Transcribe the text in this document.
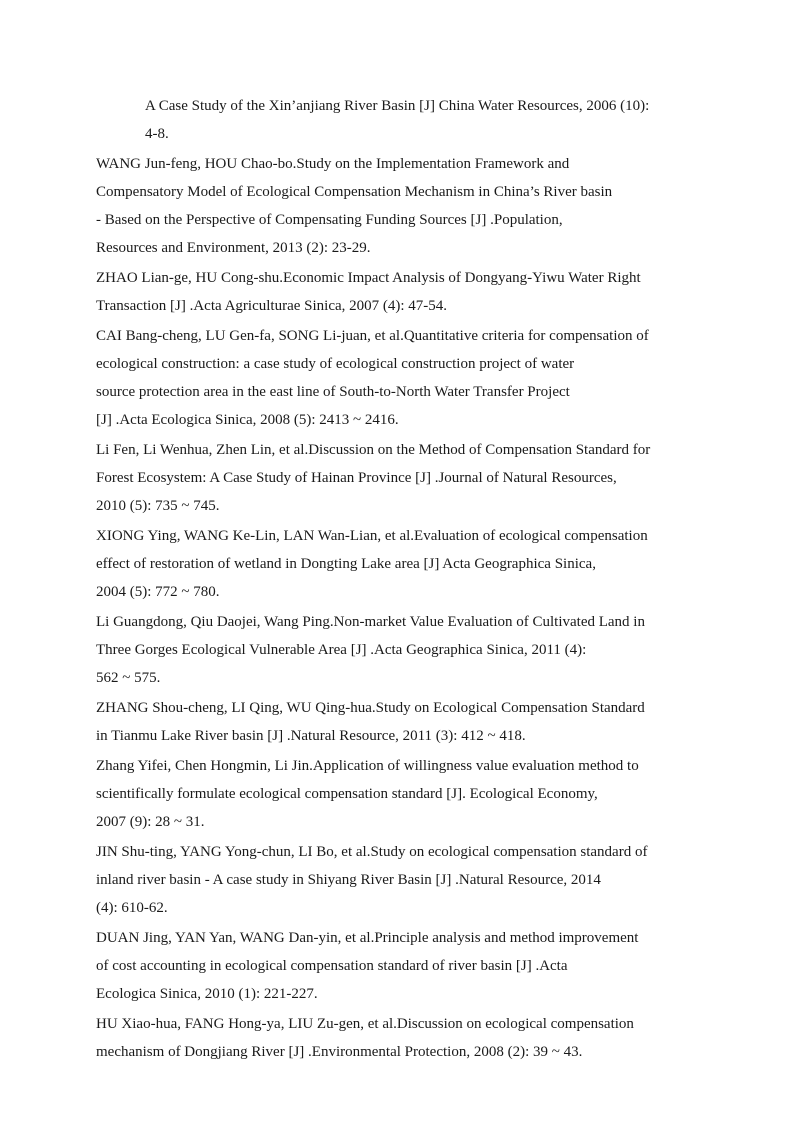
A Case Study of the Xin’anjiang River Basin [J] China Water Resources, 2006 (10):
4-8.
WANG Jun-feng, HOU Chao-bo.Study on the Implementation Framework and
Compensatory Model of Ecological Compensation Mechanism in China’s River basin
- Based on the Perspective of Compensating Funding Sources [J] .Population,
Resources and Environment, 2013 (2): 23-29.
ZHAO Lian-ge, HU Cong-shu.Economic Impact Analysis of Dongyang-Yiwu Water Right
Transaction [J] .Acta Agriculturae Sinica, 2007 (4): 47-54.
CAI Bang-cheng, LU Gen-fa, SONG Li-juan, et al.Quantitative criteria for compensation of
ecological construction: a case study of ecological construction project of water
source protection area in the east line of South-to-North Water Transfer Project
[J] .Acta Ecologica Sinica, 2008 (5): 2413 ~ 2416.
Li Fen, Li Wenhua, Zhen Lin, et al.Discussion on the Method of Compensation Standard for
Forest Ecosystem: A Case Study of Hainan Province [J] .Journal of Natural Resources,
2010 (5): 735 ~ 745.
XIONG Ying, WANG Ke-Lin, LAN Wan-Lian, et al.Evaluation of ecological compensation
effect of restoration of wetland in Dongting Lake area [J] Acta Geographica Sinica,
2004 (5): 772 ~ 780.
Li Guangdong, Qiu Daojei, Wang Ping.Non-market Value Evaluation of Cultivated Land in
Three Gorges Ecological Vulnerable Area [J] .Acta Geographica Sinica, 2011 (4):
562 ~ 575.
ZHANG Shou-cheng, LI Qing, WU Qing-hua.Study on Ecological Compensation Standard
in Tianmu Lake River basin [J] .Natural Resource, 2011 (3): 412 ~ 418.
Zhang Yifei, Chen Hongmin, Li Jin.Application of willingness value evaluation method to
scientifically formulate ecological compensation standard [J]. Ecological Economy,
2007 (9): 28 ~ 31.
JIN Shu-ting, YANG Yong-chun, LI Bo, et al.Study on ecological compensation standard of
inland river basin - A case study in Shiyang River Basin [J] .Natural Resource, 2014
(4): 610-62.
DUAN Jing, YAN Yan, WANG Dan-yin, et al.Principle analysis and method improvement
of cost accounting in ecological compensation standard of river basin [J] .Acta
Ecologica Sinica, 2010 (1): 221-227.
HU Xiao-hua, FANG Hong-ya, LIU Zu-gen, et al.Discussion on ecological compensation
mechanism of Dongjiang River [J] .Environmental Protection, 2008 (2): 39 ~ 43.
